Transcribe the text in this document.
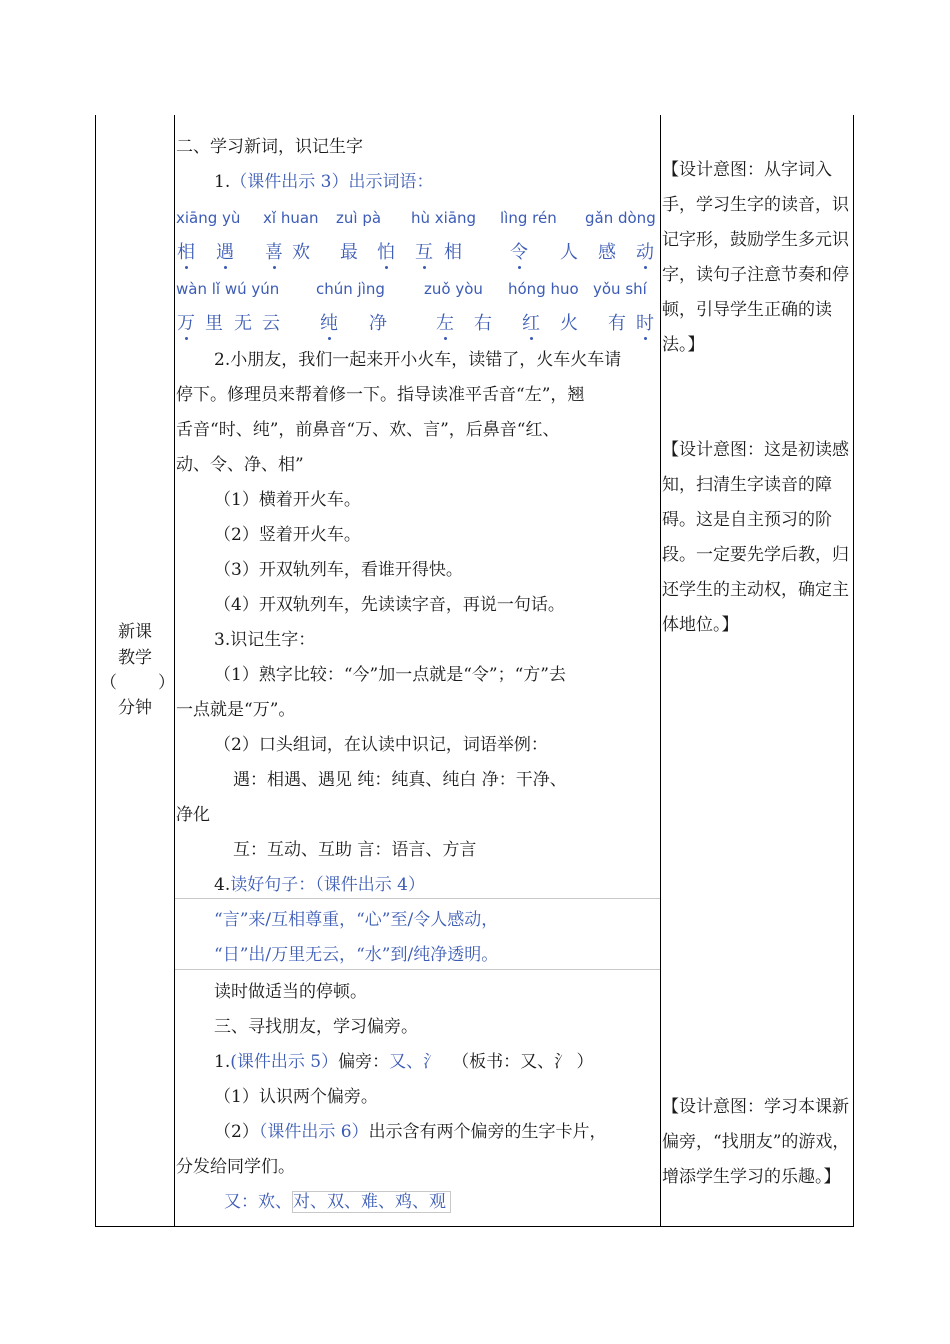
新课
教学
（ ）
分钟
二、学习新词，识记生字
1.（课件出示 3）出示词语：
xiāng yù xǐ huan zuì pà hù xiāng lìng rén gǎn dòng
相 遇 喜 欢 最 怕 互 相	令 人 感 动
wàn lǐ wú yún chún jìng	zuǒ yòu hóng huo yǒu shí
万 里 无 云 纯 净	左 右 红 火 有 时
2.小朋友，我们一起来开小火车，读错了，火车火车请
停下。修理员来帮着修一下。指导读准平舌音“左”，翘
舌音“时、纯”，前鼻音“万、欢、言”，后鼻音“红、
动、令、净、相”
（1）横着开火车。
（2）竖着开火车。
（3）开双轨列车，看谁开得快。
（4）开双轨列车，先读读字音，再说一句话。
3.识记生字：
（1）熟字比较：“今”加一点就是“令”；“方”去
一点就是“万”。
（2）口头组词，在认读中识记，词语举例：
遇：相遇、遇见 纯：纯真、纯白 净：干净、
净化
互：互动、互助 言：语言、方言
4.读好句子：（课件出示 4）
“言”来/互相尊重，“心”至/令人感动，
“日”出/万里无云，“水”到/纯净透明。
读时做适当的停顿。
三、寻找朋友，学习偏旁。
1.(课件出示 5）偏旁：又、氵 （板书：又、氵 ）
（1）认识两个偏旁。
（2）（课件出示 6）出示含有两个偏旁的生字卡片，
分发给同学们。
又：欢、对、双、难、鸡、观
【设计意图：从字词入手，学习生字的读音，识记字形，鼓励学生多元识字，读句子注意节奏和停顿，引导学生正确的读法。】
【设计意图：这是初读感知，扫清生字读音的障碍。这是自主预习的阶段。一定要先学后教，归还学生的主动权，确定主体地位。】
【设计意图：学习本课新偏旁，“找朋友”的游戏，增添学生学习的乐趣。】
